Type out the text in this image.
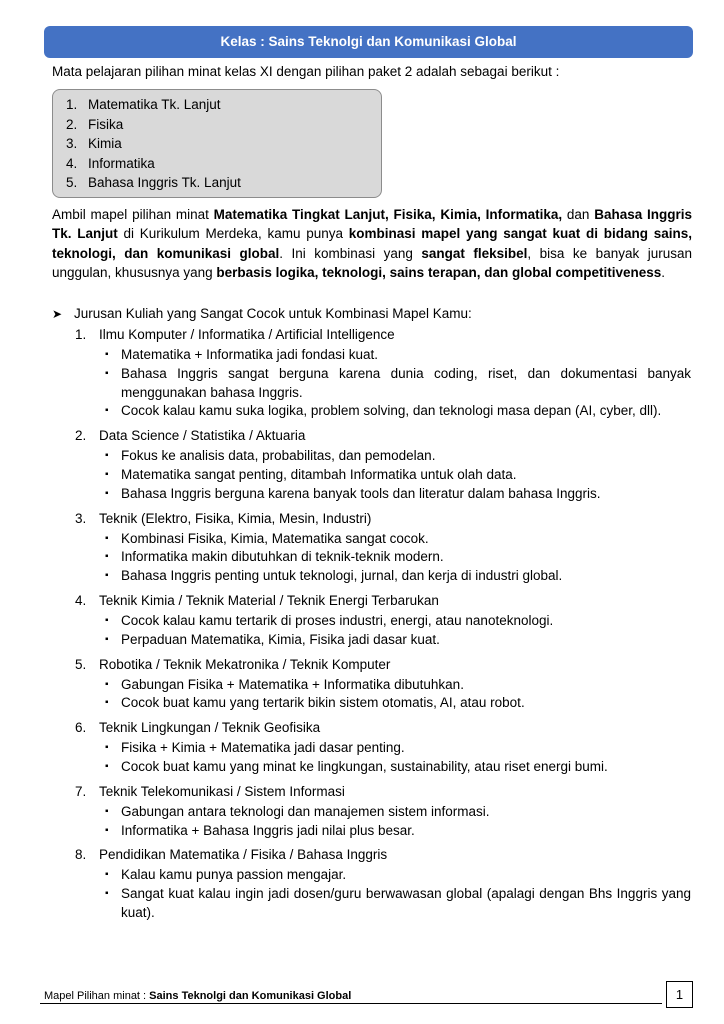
Kelas : Sains Teknolgi dan Komunikasi Global
Mata pelajaran pilihan minat kelas XI dengan pilihan paket 2 adalah sebagai berikut :
1. Matematika Tk. Lanjut
2. Fisika
3. Kimia
4. Informatika
5. Bahasa Inggris Tk. Lanjut
Ambil mapel pilihan minat Matematika Tingkat Lanjut, Fisika, Kimia, Informatika, dan Bahasa Inggris Tk. Lanjut di Kurikulum Merdeka, kamu punya kombinasi mapel yang sangat kuat di bidang sains, teknologi, dan komunikasi global. Ini kombinasi yang sangat fleksibel, bisa ke banyak jurusan unggulan, khususnya yang berbasis logika, teknologi, sains terapan, dan global competitiveness.
➤ Jurusan Kuliah yang Sangat Cocok untuk Kombinasi Mapel Kamu:
1. Ilmu Komputer / Informatika / Artificial Intelligence
▪ Matematika + Informatika jadi fondasi kuat.
▪ Bahasa Inggris sangat berguna karena dunia coding, riset, dan dokumentasi banyak menggunakan bahasa Inggris.
▪ Cocok kalau kamu suka logika, problem solving, dan teknologi masa depan (AI, cyber, dll).
2. Data Science / Statistika / Aktuaria
▪ Fokus ke analisis data, probabilitas, dan pemodelan.
▪ Matematika sangat penting, ditambah Informatika untuk olah data.
▪ Bahasa Inggris berguna karena banyak tools dan literatur dalam bahasa Inggris.
3. Teknik (Elektro, Fisika, Kimia, Mesin, Industri)
▪ Kombinasi Fisika, Kimia, Matematika sangat cocok.
▪ Informatika makin dibutuhkan di teknik-teknik modern.
▪ Bahasa Inggris penting untuk teknologi, jurnal, dan kerja di industri global.
4. Teknik Kimia / Teknik Material / Teknik Energi Terbarukan
▪ Cocok kalau kamu tertarik di proses industri, energi, atau nanoteknologi.
▪ Perpaduan Matematika, Kimia, Fisika jadi dasar kuat.
5. Robotika / Teknik Mekatronika / Teknik Komputer
▪ Gabungan Fisika + Matematika + Informatika dibutuhkan.
▪ Cocok buat kamu yang tertarik bikin sistem otomatis, AI, atau robot.
6. Teknik Lingkungan / Teknik Geofisika
▪ Fisika + Kimia + Matematika jadi dasar penting.
▪ Cocok buat kamu yang minat ke lingkungan, sustainability, atau riset energi bumi.
7. Teknik Telekomunikasi / Sistem Informasi
▪ Gabungan antara teknologi dan manajemen sistem informasi.
▪ Informatika + Bahasa Inggris jadi nilai plus besar.
8. Pendidikan Matematika / Fisika / Bahasa Inggris
▪ Kalau kamu punya passion mengajar.
▪ Sangat kuat kalau ingin jadi dosen/guru berwawasan global (apalagi dengan Bhs Inggris yang kuat).
Mapel Pilihan minat : Sains Teknolgi dan Komunikasi Global	1
